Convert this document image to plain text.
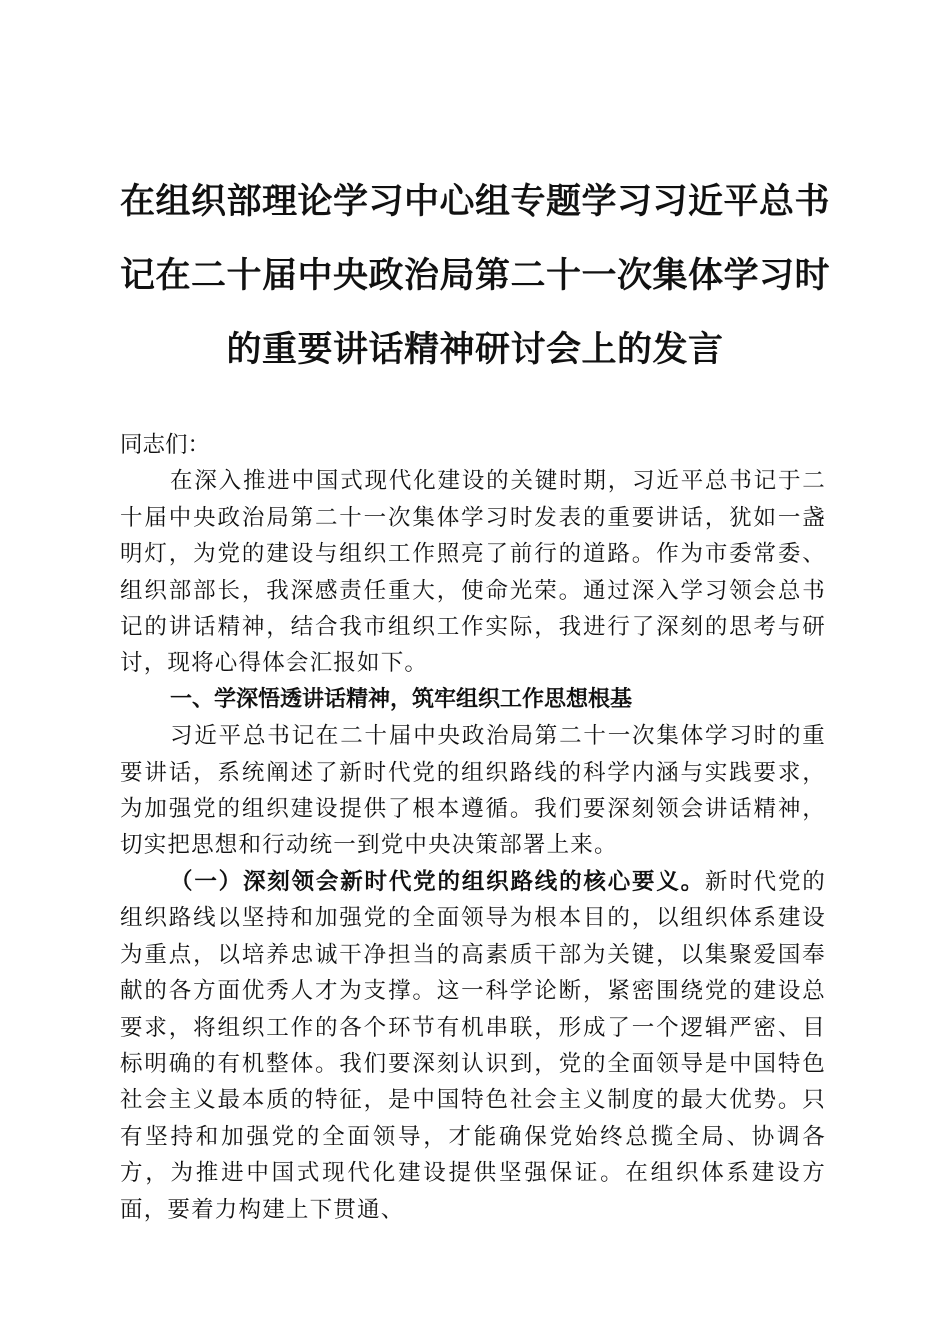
在组织部理论学习中心组专题学习习近平总书
记在二十届中央政治局第二十一次集体学习时
的重要讲话精神研讨会上的发言

同志们：

在深入推进中国式现代化建设的关键时期，习近平总书记于二十届中央政治局第二十一次集体学习时发表的重要讲话，犹如一盏明灯，为党的建设与组织工作照亮了前行的道路。作为市委常委、组织部部长，我深感责任重大，使命光荣。通过深入学习领会总书记的讲话精神，结合我市组织工作实际，我进行了深刻的思考与研讨，现将心得体会汇报如下。

一、学深悟透讲话精神，筑牢组织工作思想根基

习近平总书记在二十届中央政治局第二十一次集体学习时的重要讲话，系统阐述了新时代党的组织路线的科学内涵与实践要求，为加强党的组织建设提供了根本遵循。我们要深刻领会讲话精神，切实把思想和行动统一到党中央决策部署上来。

（一）深刻领会新时代党的组织路线的核心要义。新时代党的组织路线以坚持和加强党的全面领导为根本目的，以组织体系建设为重点，以培养忠诚干净担当的高素质干部为关键，以集聚爱国奉献的各方面优秀人才为支撑。这一科学论断，紧密围绕党的建设总要求，将组织工作的各个环节有机串联，形成了一个逻辑严密、目标明确的有机整体。我们要深刻认识到，党的全面领导是中国特色社会主义最本质的特征，是中国特色社会主义制度的最大优势。只有坚持和加强党的全面领导，才能确保党始终总揽全局、协调各方，为推进中国式现代化建设提供坚强保证。在组织体系建设方面，要着力构建上下贯通、
